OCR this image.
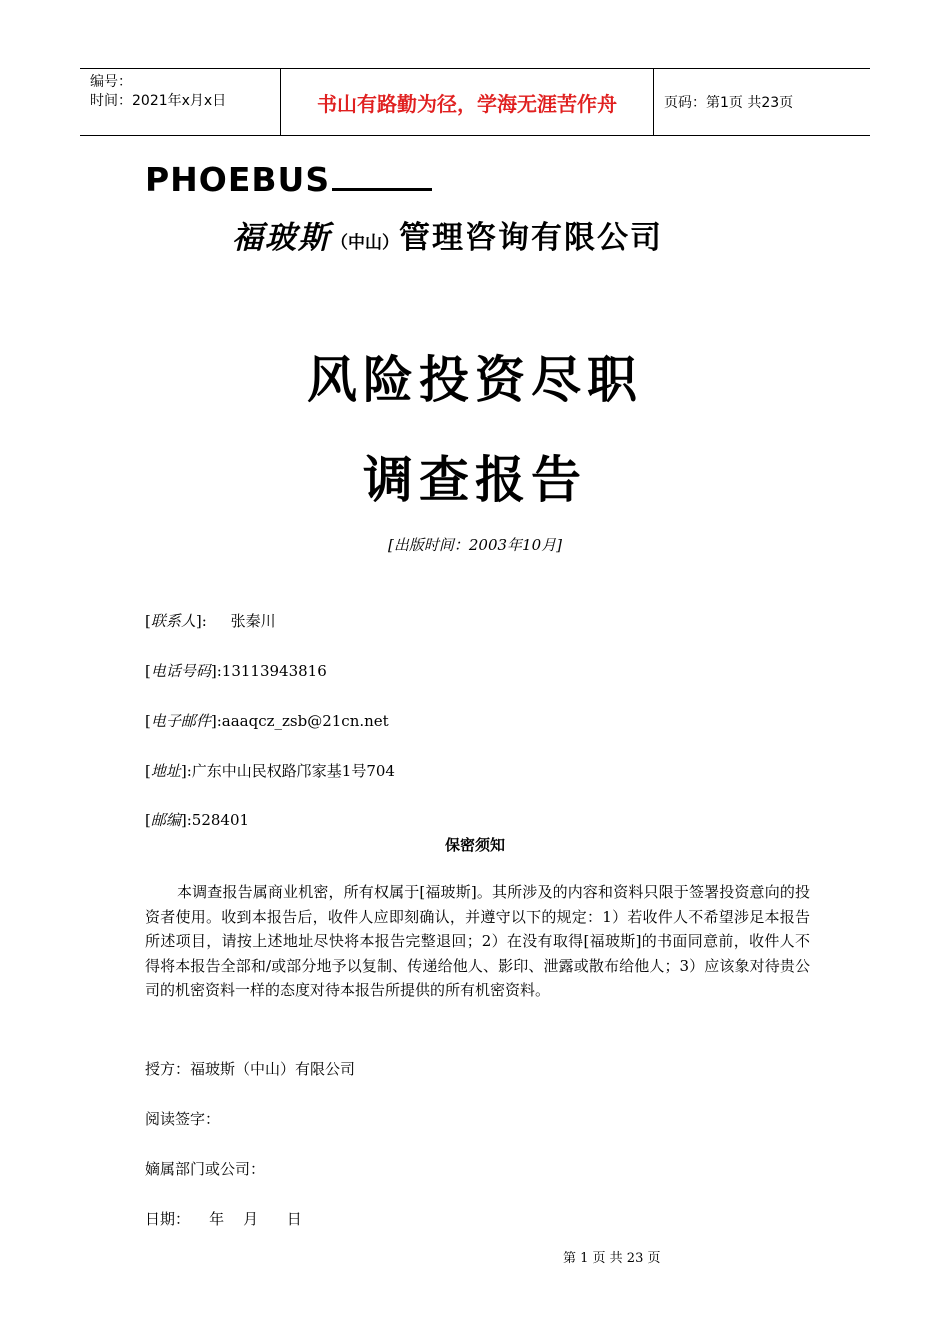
编号：
时间：2021年x月x日	书山有路勤为径，学海无涯苦作舟	页码：第1页 共23页
PHOEBUS
福玻斯（中山）管理咨询有限公司
风险投资尽职
调查报告
[出版时间：2003年10月]
[联系人]:     张秦川
[电话号码]:13113943816
[电子邮件]:aaaqcz_zsb@21cn.net
[地址]:广东中山民权路邝家基1号704
[邮编]:528401
保密须知
本调查报告属商业机密，所有权属于[福玻斯]。其所涉及的内容和资料只限于签署投资意向的投资者使用。收到本报告后，收件人应即刻确认，并遵守以下的规定：1）若收件人不希望涉足本报告所述项目，请按上述地址尽快将本报告完整退回；2）在没有取得[福玻斯]的书面同意前，收件人不得将本报告全部和/或部分地予以复制、传递给他人、影印、泄露或散布给他人；3）应该象对待贵公司的机密资料一样的态度对待本报告所提供的所有机密资料。
授方：福玻斯（中山）有限公司
阅读签字：
嫡属部门或公司：
日期：    年    月      日
第 1 页 共 23 页
